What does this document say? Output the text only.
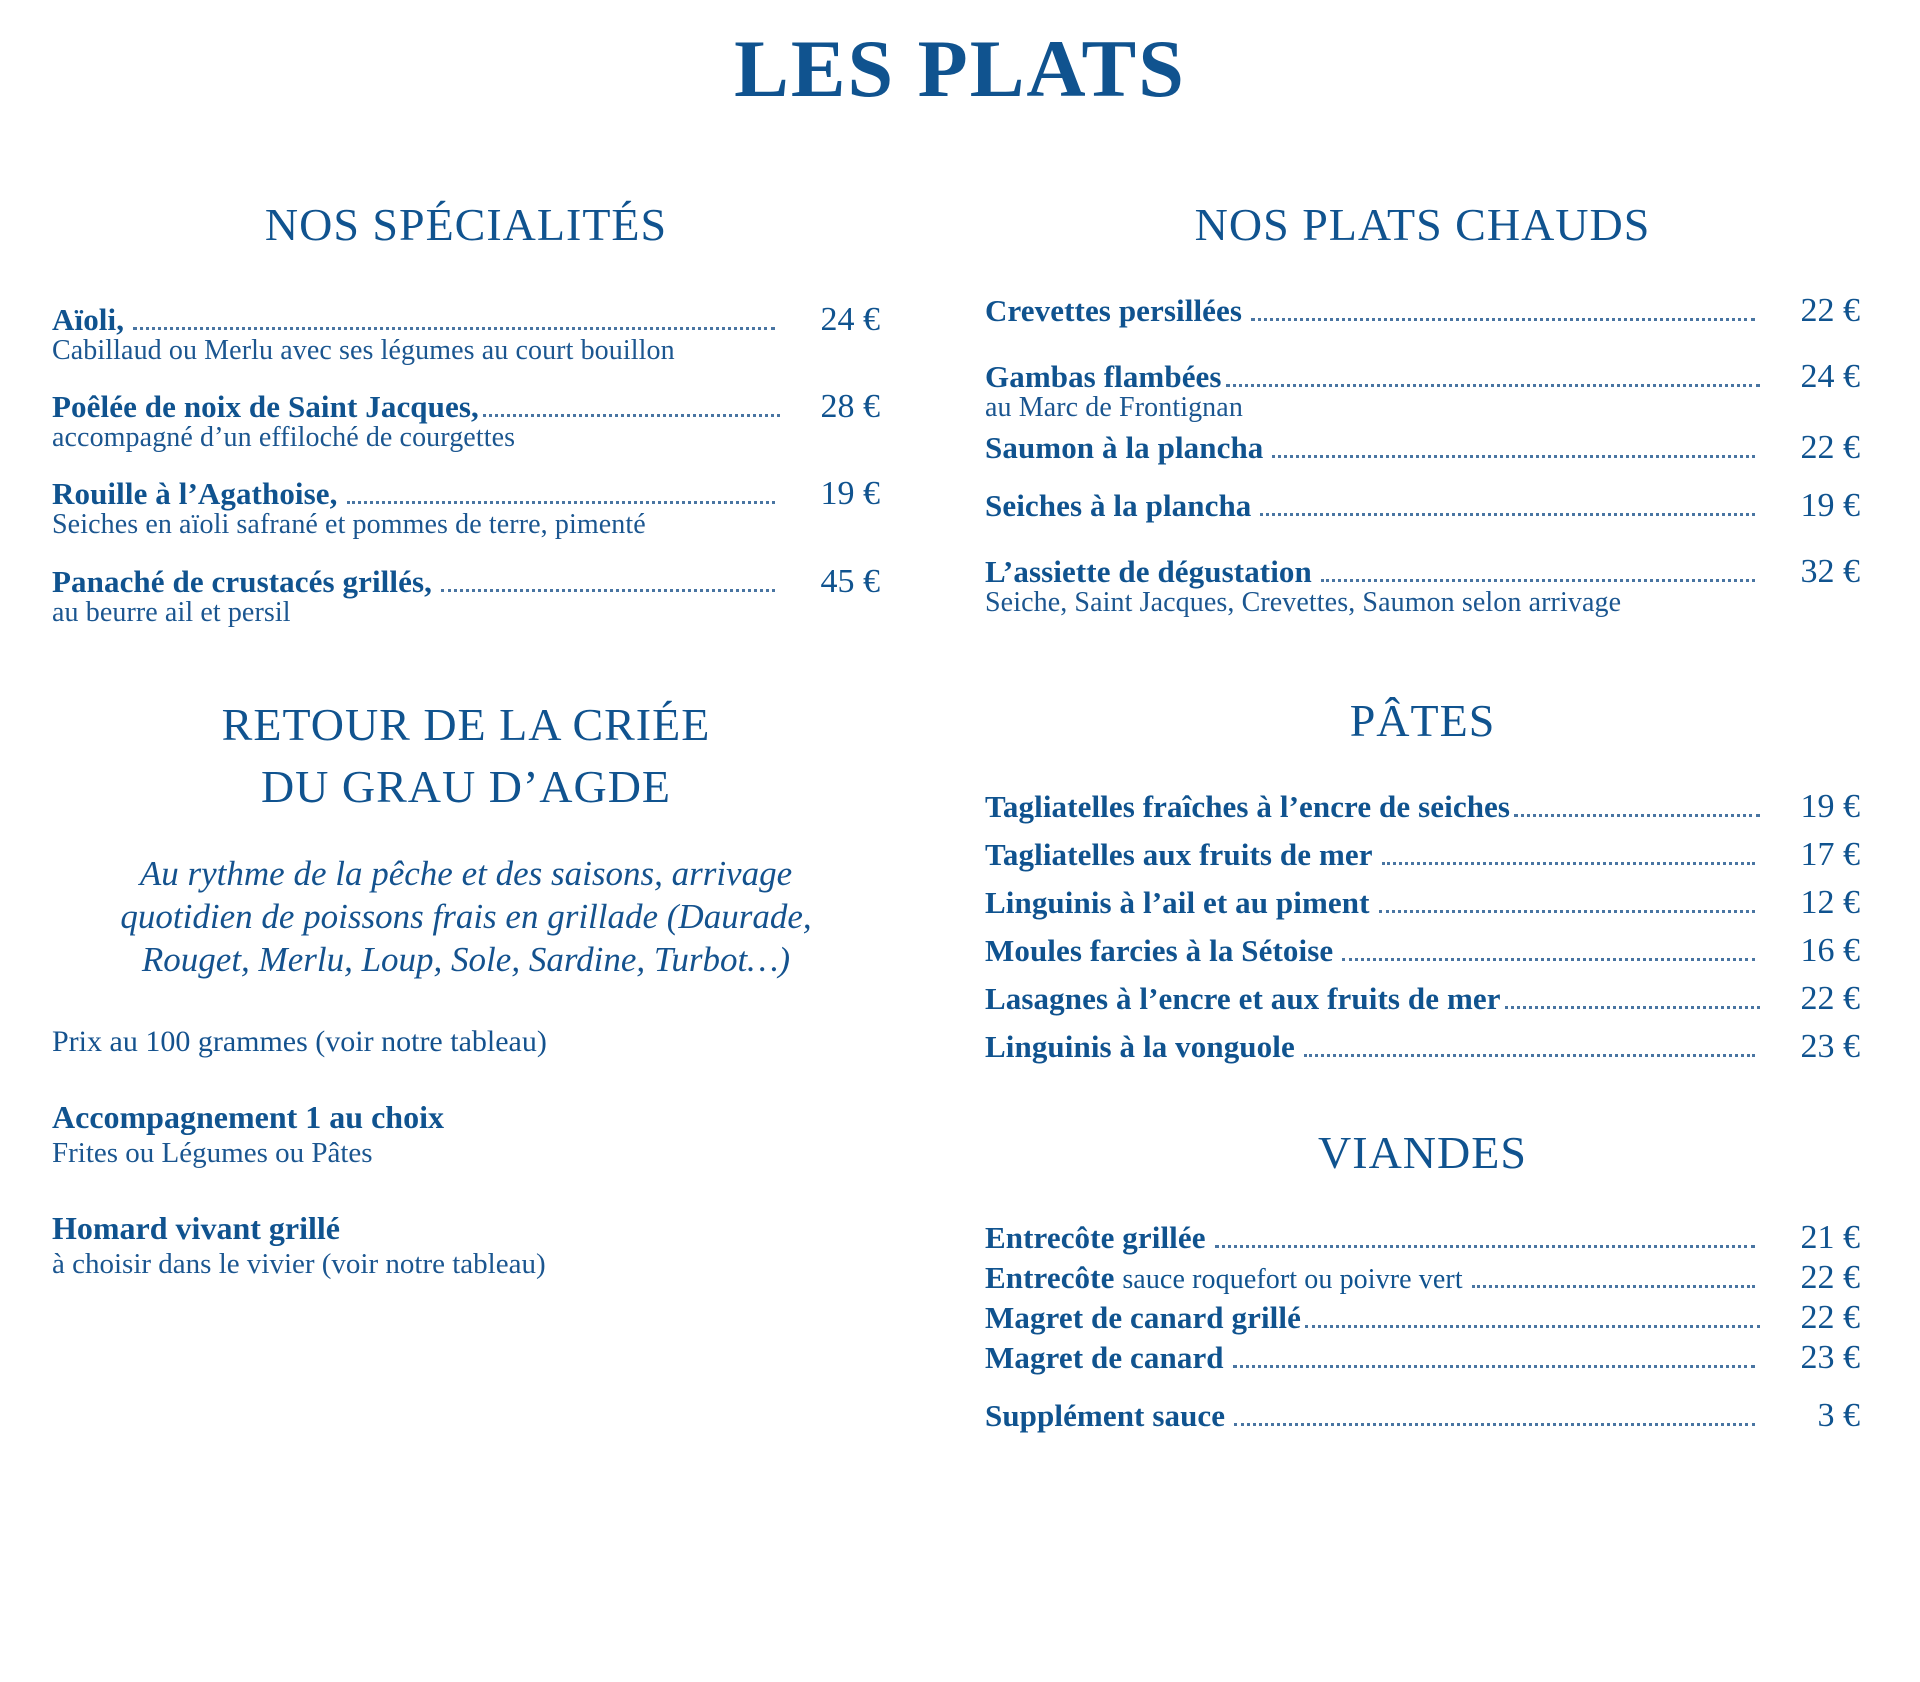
LES PLATS
NOS SPÉCIALITÉS
Aïoli,	24 €
Cabillaud ou Merlu avec ses légumes au court bouillon
Poêlée de noix de Saint Jacques,	28 €
accompagné d’un effiloché de courgettes
Rouille à l’Agathoise,	19 €
Seiches en aïoli safrané et pommes de terre, pimenté
Panaché de crustacés grillés,	45 €
au beurre ail et persil
RETOUR DE LA CRIÉE
DU GRAU D’AGDE
Au rythme de la pêche et des saisons, arrivage quotidien de poissons frais en grillade (Daurade, Rouget, Merlu, Loup, Sole, Sardine, Turbot…)
Prix au 100 grammes (voir notre tableau)
Accompagnement 1 au choix
Frites ou Légumes ou Pâtes
Homard vivant grillé
à choisir dans le vivier (voir notre tableau)
NOS PLATS CHAUDS
Crevettes persillées	22 €
Gambas flambées	24 €
au Marc de Frontignan
Saumon à la plancha	22 €
Seiches à la plancha	19 €
L’assiette de dégustation	32 €
Seiche, Saint Jacques, Crevettes, Saumon selon arrivage
PÂTES
Tagliatelles fraîches à l’encre de seiches	19 €
Tagliatelles aux fruits de mer	17 €
Linguinis à l’ail et au piment	12 €
Moules farcies à la Sétoise	16 €
Lasagnes à l’encre et aux fruits de mer	22 €
Linguinis à la vonguole	23 €
VIANDES
Entrecôte grillée	21 €
Entrecôte sauce roquefort ou poivre vert	22 €
Magret de canard grillé	22 €
Magret de canard	23 €
Supplément sauce	3 €
